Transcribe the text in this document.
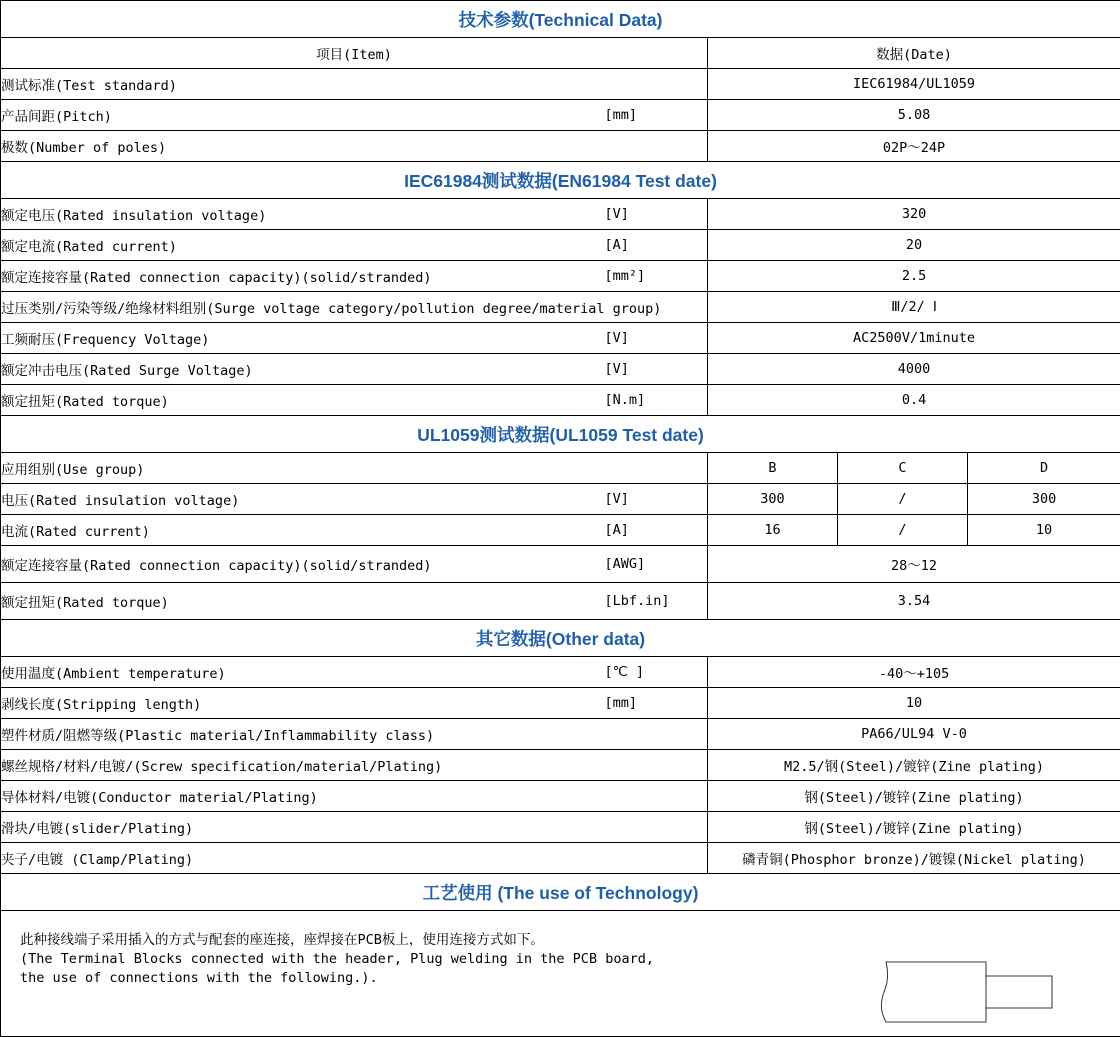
技术参数(Technical Data)				
项目(Item)		数据(Date)		
测试标准(Test standard)		IEC61984/UL1059		
产品间距(Pitch)	[mm]	5.08		
极数(Number of poles)		02P～24P		
IEC61984测试数据(EN61984 Test date)				
额定电压(Rated insulation voltage)	[V]	320		
额定电流(Rated current)	[A]	20		
额定连接容量(Rated connection capacity)(solid/stranded)	[mm²]	2.5		
过压类别/污染等级/绝缘材料组别(Surge voltage category/pollution degree/material group)		Ⅲ/2/ Ⅰ		
工频耐压(Frequency Voltage)	[V]	AC2500V/1minute		
额定冲击电压(Rated Surge Voltage)	[V]	4000		
额定扭矩(Rated torque)	[N.m]	0.4		
UL1059测试数据(UL1059 Test date)				
应用组别(Use group)		B	C	D
电压(Rated insulation voltage)	[V]	300	/	300
电流(Rated current)	[A]	16	/	10
额定连接容量(Rated connection capacity)(solid/stranded)	[AWG]	28～12		
额定扭矩(Rated torque)	[Lbf.in]	3.54		
其它数据(Other data)				
使用温度(Ambient temperature)	[℃ ]	-40～+105		
剥线长度(Stripping length)	[mm]	10		
塑件材质/阻燃等级(Plastic material/Inflammability class)		PA66/UL94 V-0		
螺丝规格/材料/电镀/(Screw specification/material/Plating)		M2.5/钢(Steel)/镀锌(Zine plating)		
导体材料/电镀(Conductor material/Plating)		钢(Steel)/镀锌(Zine plating)		
滑块/电镀(slider/Plating)		钢(Steel)/镀锌(Zine plating)		
夹子/电镀 (Clamp/Plating)		磷青铜(Phosphor bronze)/镀镍(Nickel plating)		
工艺使用 (The use of Technology)				

此种接线端子采用插入的方式与配套的座连接，座焊接在PCB板上，使用连接方式如下。
(The Terminal Blocks connected with the header, Plug welding in the PCB board,
the use of connections with the following.).				
